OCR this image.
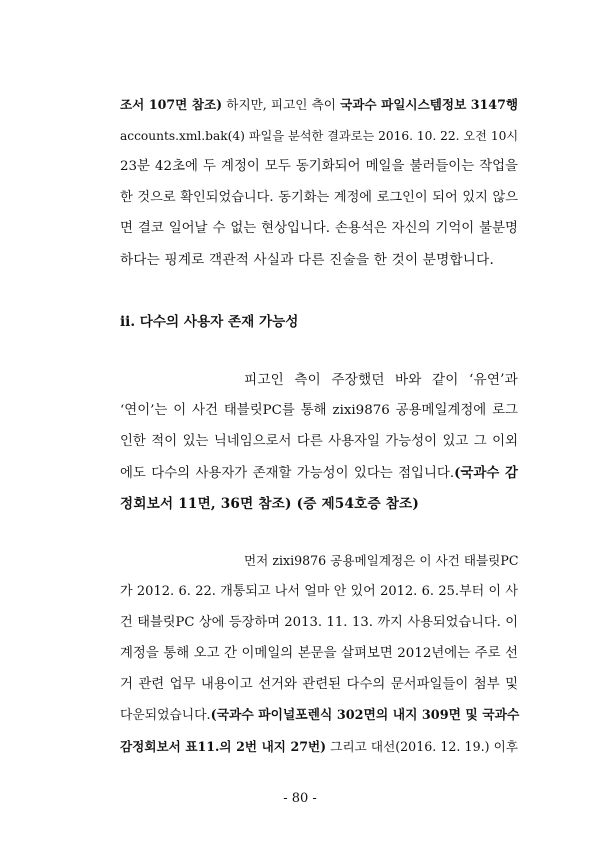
조서 107면 참조) 하지만, 피고인 측이 국과수 파일시스템정보 3147행
accounts.xml.bak(4) 파일을 분석한 결과로는 2016. 10. 22. 오전 10시
23분 42초에 두 계정이 모두 동기화되어 메일을 불러들이는 작업을
한 것으로 확인되었습니다. 동기화는 계정에 로그인이 되어 있지 않으
면 결코 일어날 수 없는 현상입니다. 손용석은 자신의 기억이 불분명
하다는 핑계로 객관적 사실과 다른 진술을 한 것이 분명합니다.
ii. 다수의 사용자 존재 가능성
피고인 측이 주장했던 바와 같이 ‘유연’과
‘연이’는 이 사건 태블릿PC를 통해 zixi9876 공용메일계정에 로그
인한 적이 있는 닉네임으로서 다른 사용자일 가능성이 있고 그 이외
에도 다수의 사용자가 존재할 가능성이 있다는 점입니다.(국과수 감
정회보서 11면, 36면 참조) (증 제54호증 참조)
먼저 zixi9876 공용메일계정은 이 사건 태블릿PC
가 2012. 6. 22. 개통되고 나서 얼마 안 있어 2012. 6. 25.부터 이 사
건 태블릿PC 상에 등장하며 2013. 11. 13. 까지 사용되었습니다. 이
계정을 통해 오고 간 이메일의 본문을 살펴보면 2012년에는 주로 선
거 관련 업무 내용이고 선거와 관련된 다수의 문서파일들이 첨부 및
다운되었습니다.(국과수 파이널포렌식 302면의 내지 309면 및 국과수
감정회보서 표11.의 2번 내지 27번) 그리고 대선(2016. 12. 19.) 이후
- 80 -
